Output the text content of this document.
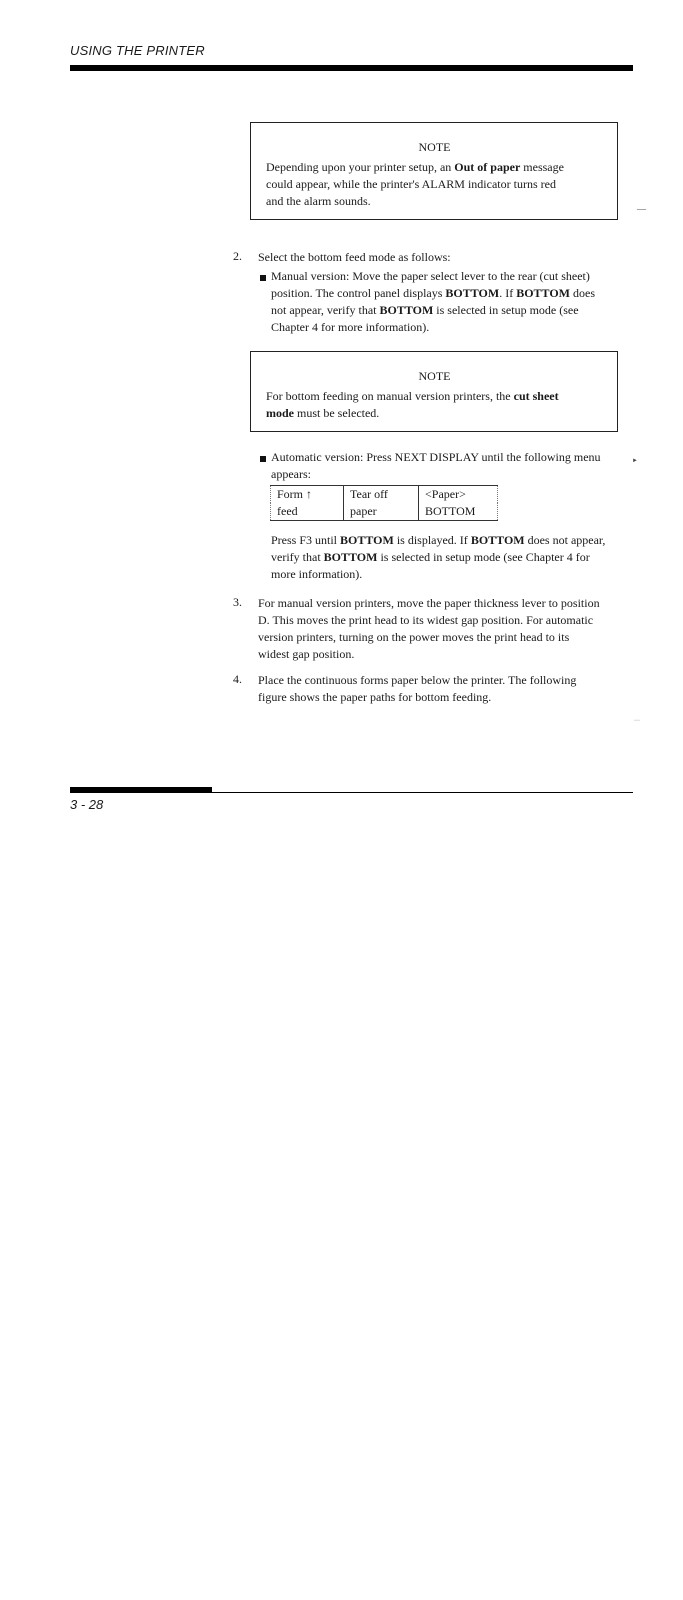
USING THE PRINTER
NOTE
Depending upon your printer setup, an Out of paper message
could appear, while the printer's ALARM indicator turns red
and the alarm sounds.
—
2. Select the bottom feed mode as follows:
Manual version: Move the paper select lever to the rear (cut sheet)
position. The control panel displays BOTTOM. If BOTTOM does
not appear, verify that BOTTOM is selected in setup mode (see
Chapter 4 for more information).
NOTE
For bottom feeding on manual version printers, the cut sheet
mode must be selected.
Automatic version: Press NEXT DISPLAY until the following menu
appears:
►
Form ↑	Tear off	<Paper>
feed	paper	BOTTOM
Press F3 until BOTTOM is displayed. If BOTTOM does not appear,
verify that BOTTOM is selected in setup mode (see Chapter 4 for
more information).
3. For manual version printers, move the paper thickness lever to position
D. This moves the print head to its widest gap position. For automatic
version printers, turning on the power moves the print head to its
widest gap position.
4. Place the continuous forms paper below the printer. The following
figure shows the paper paths for bottom feeding.
···
3 - 28
